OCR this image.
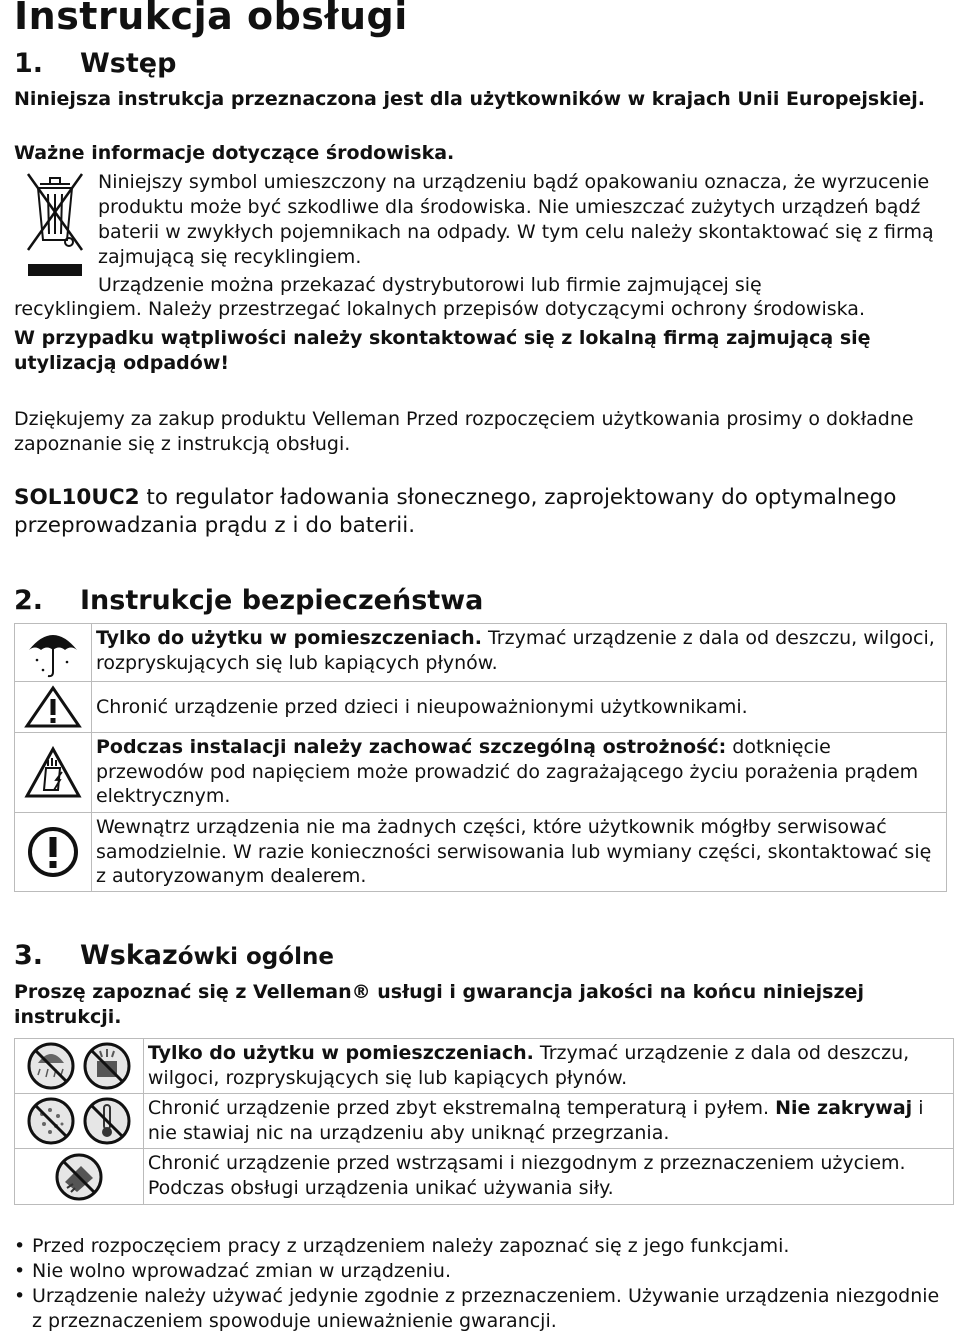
Instrukcja obsługi
1. Wstęp
Niniejsza instrukcja przeznaczona jest dla użytkowników w krajach Unii Europejskiej.
Ważne informacje dotyczące środowiska.
Niniejszy symbol umieszczony na urządzeniu bądź opakowaniu oznacza, że wyrzucenie produktu może być szkodliwe dla środowiska. Nie umieszczać zużytych urządzeń bądź baterii w zwykłych pojemnikach na odpady. W tym celu należy skontaktować się z firmą zajmującą się recyklingiem.
Urządzenie można przekazać dystrybutorowi lub firmie zajmującej się
recyklingiem. Należy przestrzegać lokalnych przepisów dotyczącymi ochrony środowiska.
W przypadku wątpliwości należy skontaktować się z lokalną firmą zajmującą się utylizacją odpadów!
Dziękujemy za zakup produktu Velleman Przed rozpoczęciem użytkowania prosimy o dokładne zapoznanie się z instrukcją obsługi.
SOL10UC2 to regulator ładowania słonecznego, zaprojektowany do optymalnego przeprowadzania prądu z i do baterii.
2. Instrukcje bezpieczeństwa
	Tylko do użytku w pomieszczeniach. Trzymać urządzenie z dala od deszczu, wilgoci, rozpryskujących się lub kapiących płynów.

	Chronić urządzenie przed dzieci i nieupoważnionymi użytkownikami.

	Podczas instalacji należy zachować szczególną ostrożność: dotknięcie przewodów pod napięciem może prowadzić do zagrażającego życiu porażenia prądem elektrycznym.

	Wewnątrz urządzenia nie ma żadnych części, które użytkownik mógłby serwisować samodzielnie. W razie konieczności serwisowania lub wymiany części, skontaktować się z autoryzowanym dealerem.
3. Wskazówki ogólne
Proszę zapoznać się z Velleman® usługi i gwarancja jakości na końcu niniejszej instrukcji.
	Tylko do użytku w pomieszczeniach. Trzymać urządzenie z dala od deszczu, wilgoci, rozpryskujących się lub kapiących płynów.

	Chronić urządzenie przed zbyt ekstremalną temperaturą i pyłem. Nie zakrywaj i nie stawiaj nic na urządzeniu aby uniknąć przegrzania.

	Chronić urządzenie przed wstrząsami i niezgodnym z przeznaczeniem użyciem. Podczas obsługi urządzenia unikać używania siły.
• Przed rozpoczęciem pracy z urządzeniem należy zapoznać się z jego funkcjami.
• Nie wolno wprowadzać zmian w urządzeniu.
• Urządzenie należy używać jedynie zgodnie z przeznaczeniem. Używanie urządzenia niezgodnie z przeznaczeniem spowoduje unieważnienie gwarancji.
